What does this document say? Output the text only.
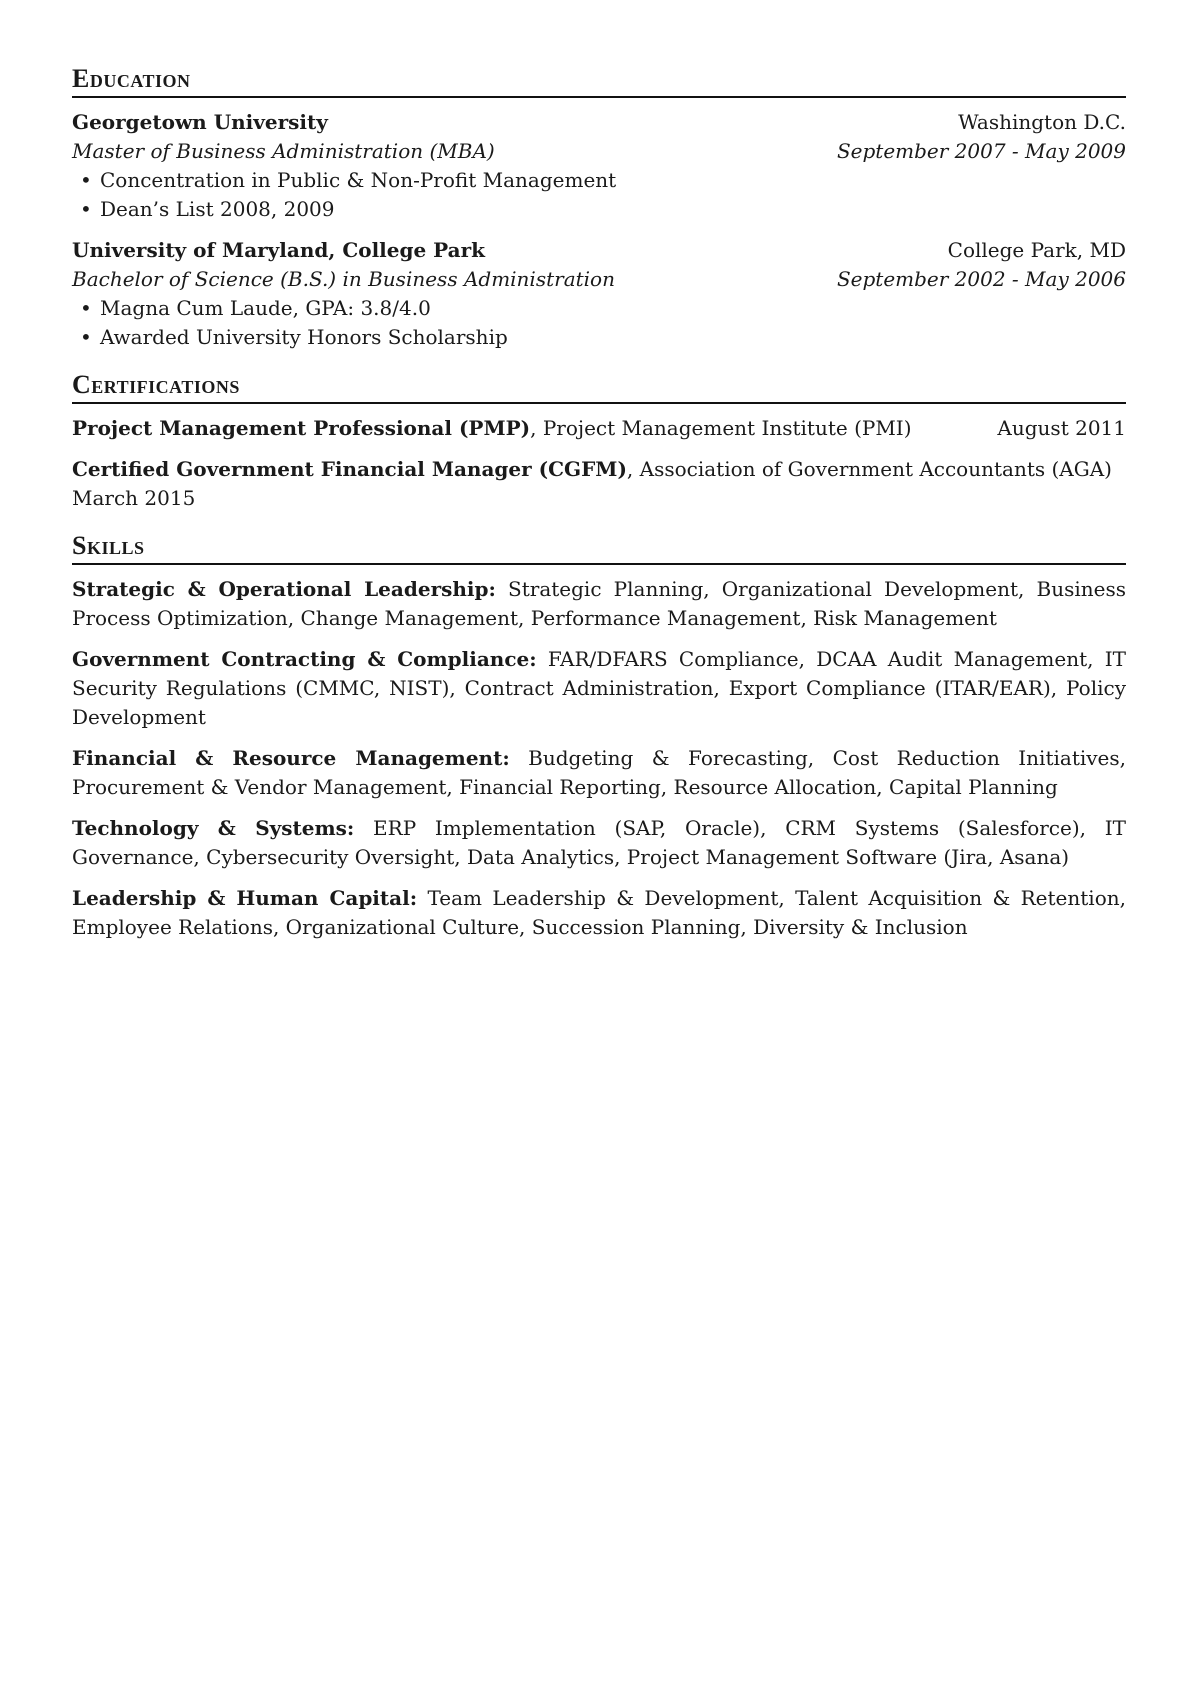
Education
Georgetown University	Washington D.C.
Master of Business Administration (MBA)	September 2007 - May 2009
• Concentration in Public & Non-Profit Management
• Dean’s List 2008, 2009
University of Maryland, College Park	College Park, MD
Bachelor of Science (B.S.) in Business Administration	September 2002 - May 2006
• Magna Cum Laude, GPA: 3.8/4.0
• Awarded University Honors Scholarship
Certifications
Project Management Professional (PMP), Project Management Institute (PMI)	August 2011
Certified Government Financial Manager (CGFM), Association of Government Accountants (AGA)
March 2015
Skills
Strategic & Operational Leadership: Strategic Planning, Organizational Development, Business Process Optimization, Change Management, Performance Management, Risk Management
Government Contracting & Compliance: FAR/DFARS Compliance, DCAA Audit Management, IT Security Regulations (CMMC, NIST), Contract Administration, Export Compliance (ITAR/EAR), Policy Development
Financial & Resource Management: Budgeting & Forecasting, Cost Reduction Initiatives, Procurement & Vendor Management, Financial Reporting, Resource Allocation, Capital Planning
Technology & Systems: ERP Implementation (SAP, Oracle), CRM Systems (Salesforce), IT Governance, Cybersecurity Oversight, Data Analytics, Project Management Software (Jira, Asana)
Leadership & Human Capital: Team Leadership & Development, Talent Acquisition & Retention, Employee Relations, Organizational Culture, Succession Planning, Diversity & Inclusion
